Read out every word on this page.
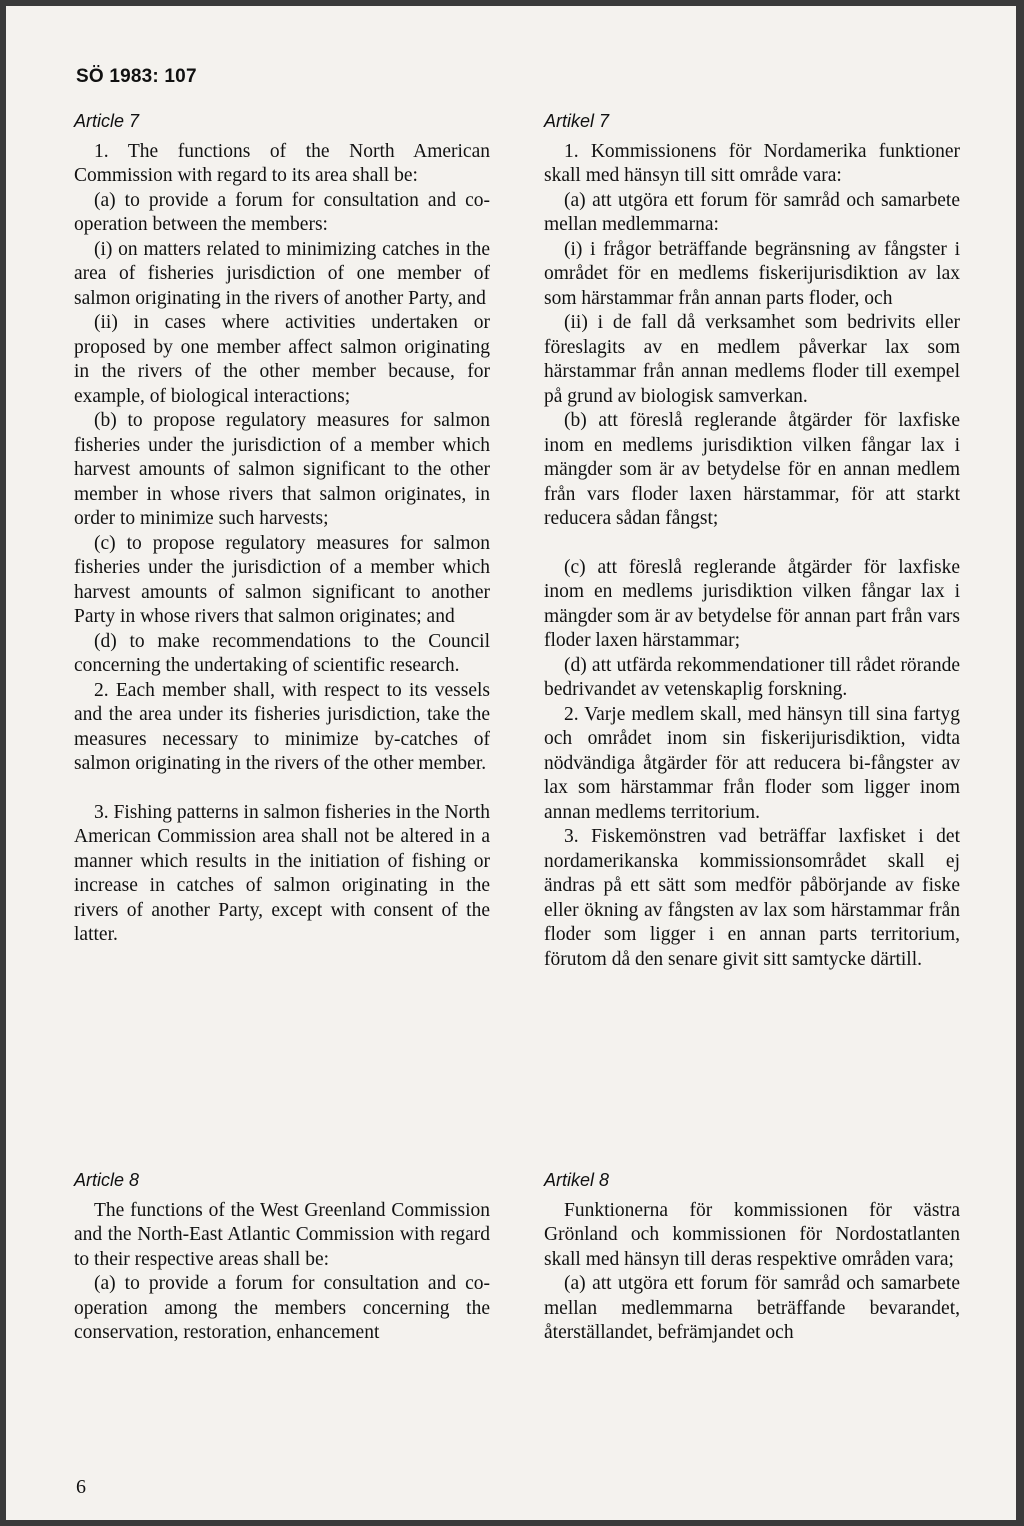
SÖ 1983: 107

Article 7

1. The functions of the North American Commission with regard to its area shall be:

(a) to provide a forum for consultation and co-operation between the members:

(i) on matters related to minimizing catches in the area of fisheries jurisdiction of one member of salmon originating in the rivers of another Party, and

(ii) in cases where activities undertaken or proposed by one member affect salmon originating in the rivers of the other member because, for example, of biological interactions;

(b) to propose regulatory measures for salmon fisheries under the jurisdiction of a member which harvest amounts of salmon significant to the other member in whose rivers that salmon originates, in order to minimize such harvests;

(c) to propose regulatory measures for salmon fisheries under the jurisdiction of a member which harvest amounts of salmon significant to another Party in whose rivers that salmon originates; and

(d) to make recommendations to the Council concerning the undertaking of scientific research.

2. Each member shall, with respect to its vessels and the area under its fisheries jurisdiction, take the measures necessary to minimize by-catches of salmon originating in the rivers of the other member.

3. Fishing patterns in salmon fisheries in the North American Commission area shall not be altered in a manner which results in the initiation of fishing or increase in catches of salmon originating in the rivers of another Party, except with consent of the latter.

Artikel 7

1. Kommissionens för Nordamerika funktioner skall med hänsyn till sitt område vara:

(a) att utgöra ett forum för samråd och samarbete mellan medlemmarna:

(i) i frågor beträffande begränsning av fångster i området för en medlems fiskerijurisdiktion av lax som härstammar från annan parts floder, och

(ii) i de fall då verksamhet som bedrivits eller föreslagits av en medlem påverkar lax som härstammar från annan medlems floder till exempel på grund av biologisk samverkan.

(b) att föreslå reglerande åtgärder för laxfiske inom en medlems jurisdiktion vilken fångar lax i mängder som är av betydelse för en annan medlem från vars floder laxen härstammar, för att starkt reducera sådan fångst;

(c) att föreslå reglerande åtgärder för laxfiske inom en medlems jurisdiktion vilken fångar lax i mängder som är av betydelse för annan part från vars floder laxen härstammar;

(d) att utfärda rekommendationer till rådet rörande bedrivandet av vetenskaplig forskning.

2. Varje medlem skall, med hänsyn till sina fartyg och området inom sin fiskerijurisdiktion, vidta nödvändiga åtgärder för att reducera bi-fångster av lax som härstammar från floder som ligger inom annan medlems territorium.

3. Fiskemönstren vad beträffar laxfisket i det nordamerikanska kommissionsområdet skall ej ändras på ett sätt som medför påbörjande av fiske eller ökning av fångsten av lax som härstammar från floder som ligger i en annan parts territorium, förutom då den senare givit sitt samtycke därtill.

Article 8

The functions of the West Greenland Commission and the North-East Atlantic Commission with regard to their respective areas shall be:

(a) to provide a forum for consultation and co-operation among the members concerning the conservation, restoration, enhancement

Artikel 8

Funktionerna för kommissionen för västra Grönland och kommissionen för Nordostatlanten skall med hänsyn till deras respektive områden vara;

(a) att utgöra ett forum för samråd och samarbete mellan medlemmarna beträffande bevarandet, återställandet, befrämjandet och

6
